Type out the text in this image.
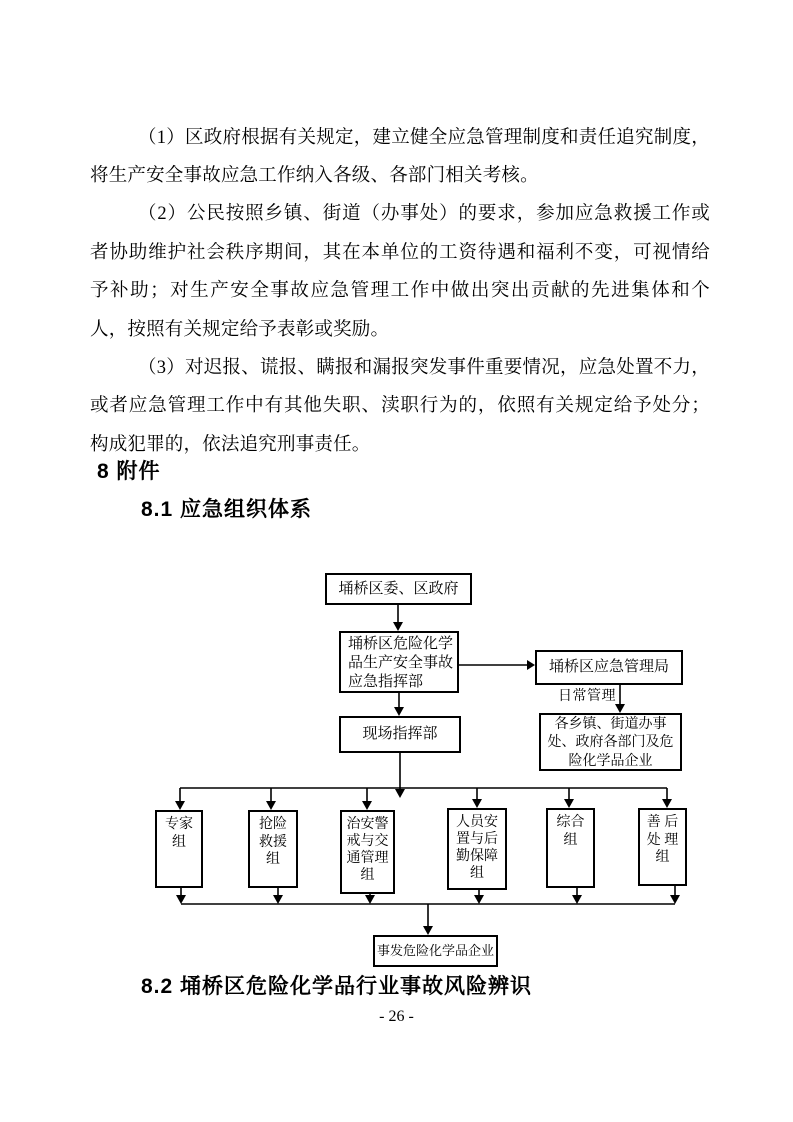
（1）区政府根据有关规定，建立健全应急管理制度和责任追究制度，
将生产安全事故应急工作纳入各级、各部门相关考核。
（2）公民按照乡镇、街道（办事处）的要求，参加应急救援工作或
者协助维护社会秩序期间，其在本单位的工资待遇和福利不变，可视情给
予补助；对生产安全事故应急管理工作中做出突出贡献的先进集体和个
人，按照有关规定给予表彰或奖励。
（3）对迟报、谎报、瞒报和漏报突发事件重要情况，应急处置不力，
或者应急管理工作中有其他失职、渎职行为的，依照有关规定给予处分；
构成犯罪的，依法追究刑事责任。
8 附件
8.1 应急组织体系
8.2 埇桥区危险化学品行业事故风险辨识
埇桥区委、区政府
埇桥区危险化学
品生产安全事故
应急指挥部
埇桥区应急管理局
日常管理
各乡镇、街道办事
处、政府各部门及危
险化学品企业
现场指挥部
专家
组
抢险
救援
组
治安警
戒与交
通管理
组
人员安
置与后
勤保障
组
综合
组
善 后
处 理
组
事发危险化学品企业
- 26 -
